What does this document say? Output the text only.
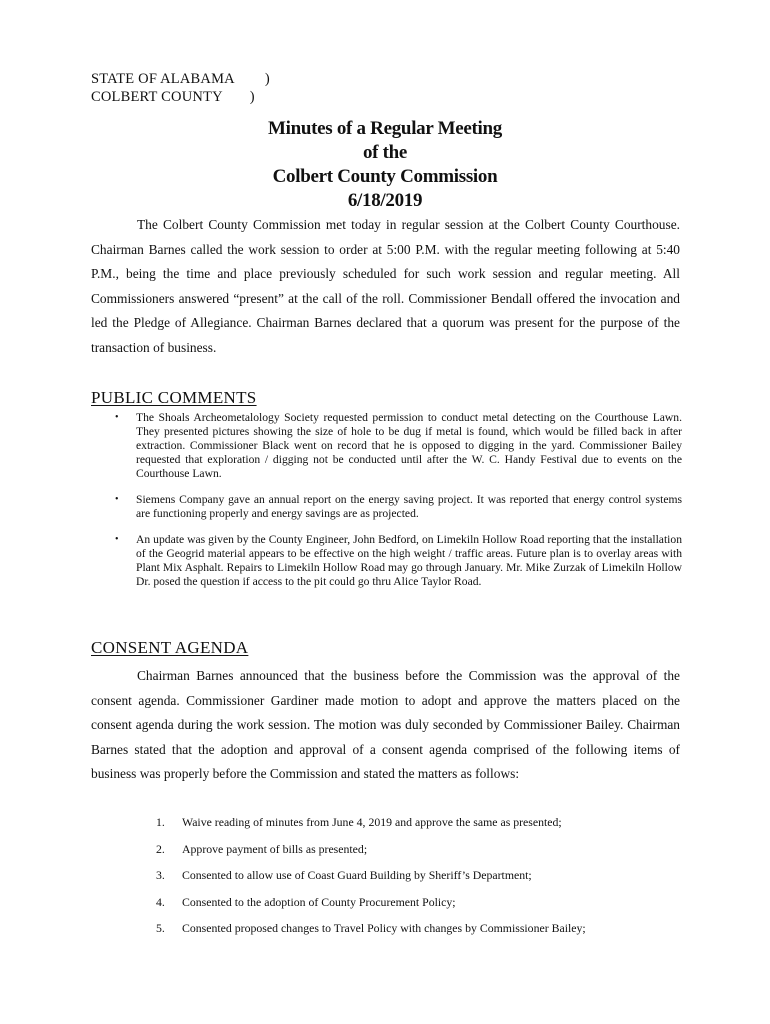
STATE OF ALABAMA )
COLBERT COUNTY )
Minutes of a Regular Meeting
of the
Colbert County Commission
6/18/2019

The Colbert County Commission met today in regular session at the Colbert County Courthouse. Chairman Barnes called the work session to order at 5:00 P.M. with the regular meeting following at 5:40 P.M., being the time and place previously scheduled for such work session and regular meeting. All Commissioners answered “present” at the call of the roll. Commissioner Bendall offered the invocation and led the Pledge of Allegiance. Chairman Barnes declared that a quorum was present for the purpose of the transaction of business.

PUBLIC COMMENTS
• The Shoals Archeometalology Society requested permission to conduct metal detecting on the Courthouse Lawn. They presented pictures showing the size of hole to be dug if metal is found, which would be filled back in after extraction. Commissioner Black went on record that he is opposed to digging in the yard. Commissioner Bailey requested that exploration / digging not be conducted until after the W. C. Handy Festival due to events on the Courthouse Lawn.
• Siemens Company gave an annual report on the energy saving project. It was reported that energy control systems are functioning properly and energy savings are as projected.
• An update was given by the County Engineer, John Bedford, on Limekiln Hollow Road reporting that the installation of the Geogrid material appears to be effective on the high weight / traffic areas. Future plan is to overlay areas with Plant Mix Asphalt. Repairs to Limekiln Hollow Road may go through January. Mr. Mike Zurzak of Limekiln Hollow Dr. posed the question if access to the pit could go thru Alice Taylor Road.
CONSENT AGENDA

Chairman Barnes announced that the business before the Commission was the approval of the consent agenda. Commissioner Gardiner made motion to adopt and approve the matters placed on the consent agenda during the work session. The motion was duly seconded by Commissioner Bailey. Chairman Barnes stated that the adoption and approval of a consent agenda comprised of the following items of business was properly before the Commission and stated the matters as follows:

1. Waive reading of minutes from June 4, 2019 and approve the same as presented;
2. Approve payment of bills as presented;
3. Consented to allow use of Coast Guard Building by Sheriff’s Department;
4. Consented to the adoption of County Procurement Policy;
5. Consented proposed changes to Travel Policy with changes by Commissioner Bailey;
